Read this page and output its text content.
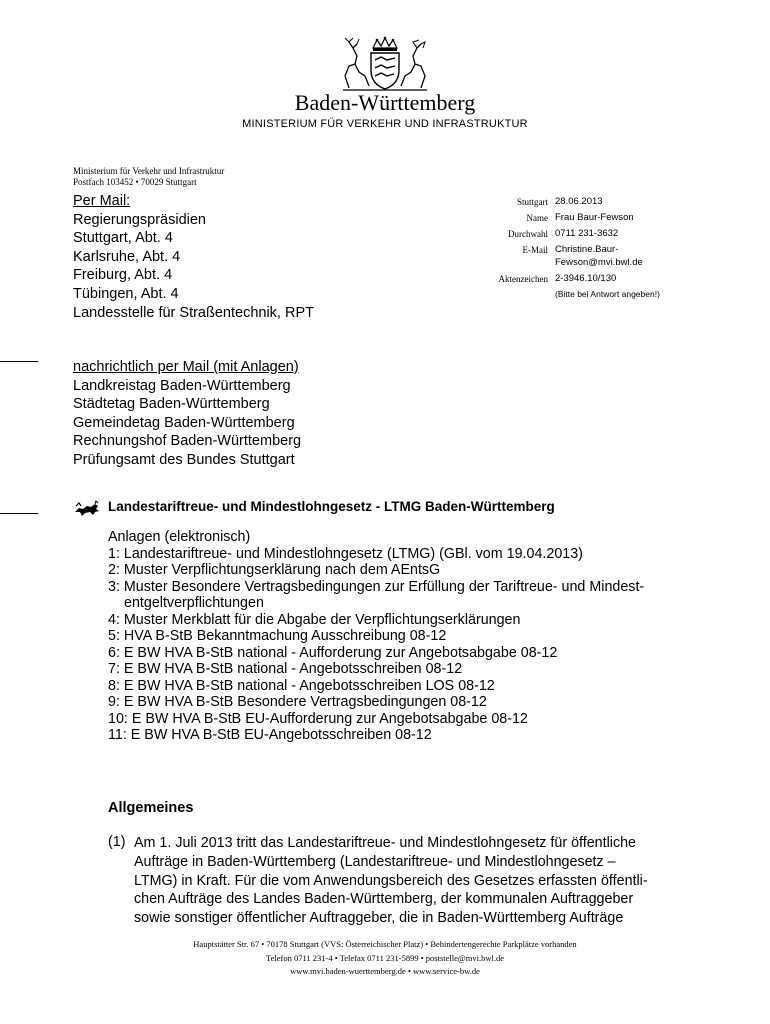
Baden-Württemberg
MINISTERIUM FÜR VERKEHR UND INFRASTRUKTUR
Ministerium für Verkehr und Infrastruktur
Postfach 103452 • 70029 Stuttgart
Per Mail:
Regierungspräsidien
Stuttgart, Abt. 4
Karlsruhe, Abt. 4
Freiburg, Abt. 4
Tübingen, Abt. 4
Landesstelle für Straßentechnik, RPT
Stuttgart 28.06.2013
Name Frau Baur-Fewson
Durchwahl 0711 231-3632
E-Mail Christine.Baur-
Fewson@mvi.bwl.de
Aktenzeichen 2-3946.10/130
(Bitte bei Antwort angeben!)
nachrichtlich per Mail (mit Anlagen)
Landkreistag Baden-Württemberg
Städtetag Baden-Württemberg
Gemeindetag Baden-Württemberg
Rechnungshof Baden-Württemberg
Prüfungsamt des Bundes Stuttgart
Landestariftreue- und Mindestlohngesetz - LTMG Baden-Württemberg
Anlagen (elektronisch)
1: Landestariftreue- und Mindestlohngesetz (LTMG) (GBl. vom 19.04.2013)
2: Muster Verpflichtungserklärung nach dem AEntsG
3: Muster Besondere Vertragsbedingungen zur Erfüllung der Tariftreue- und Mindest-
entgeltverpflichtungen
4: Muster Merkblatt für die Abgabe der Verpflichtungserklärungen
5: HVA B-StB Bekanntmachung Ausschreibung 08-12
6: E BW HVA B-StB national - Aufforderung zur Angebotsabgabe 08-12
7: E BW HVA B-StB national - Angebotsschreiben 08-12
8: E BW HVA B-StB national - Angebotsschreiben LOS 08-12
9: E BW HVA B-StB Besondere Vertragsbedingungen 08-12
10: E BW HVA B-StB EU-Aufforderung zur Angebotsabgabe 08-12
11: E BW HVA B-StB EU-Angebotsschreiben 08-12
Allgemeines
(1) Am 1. Juli 2013 tritt das Landestariftreue- und Mindestlohngesetz für öffentliche
Aufträge in Baden-Württemberg (Landestariftreue- und Mindestlohngesetz –
LTMG) in Kraft. Für die vom Anwendungsbereich des Gesetzes erfassten öffentli-
chen Aufträge des Landes Baden-Württemberg, der kommunalen Auftraggeber
sowie sonstiger öffentlicher Auftraggeber, die in Baden-Württemberg Aufträge
Hauptstätter Str. 67 • 70178 Stuttgart (VVS: Österreichischer Platz) • Behindertengerechte Parkplätze vorhanden
Telefon 0711 231-4 • Telefax 0711 231-5899 • poststelle@mvi.bwl.de
www.mvi.baden-wuerttemberg.de • www.service-bw.de
